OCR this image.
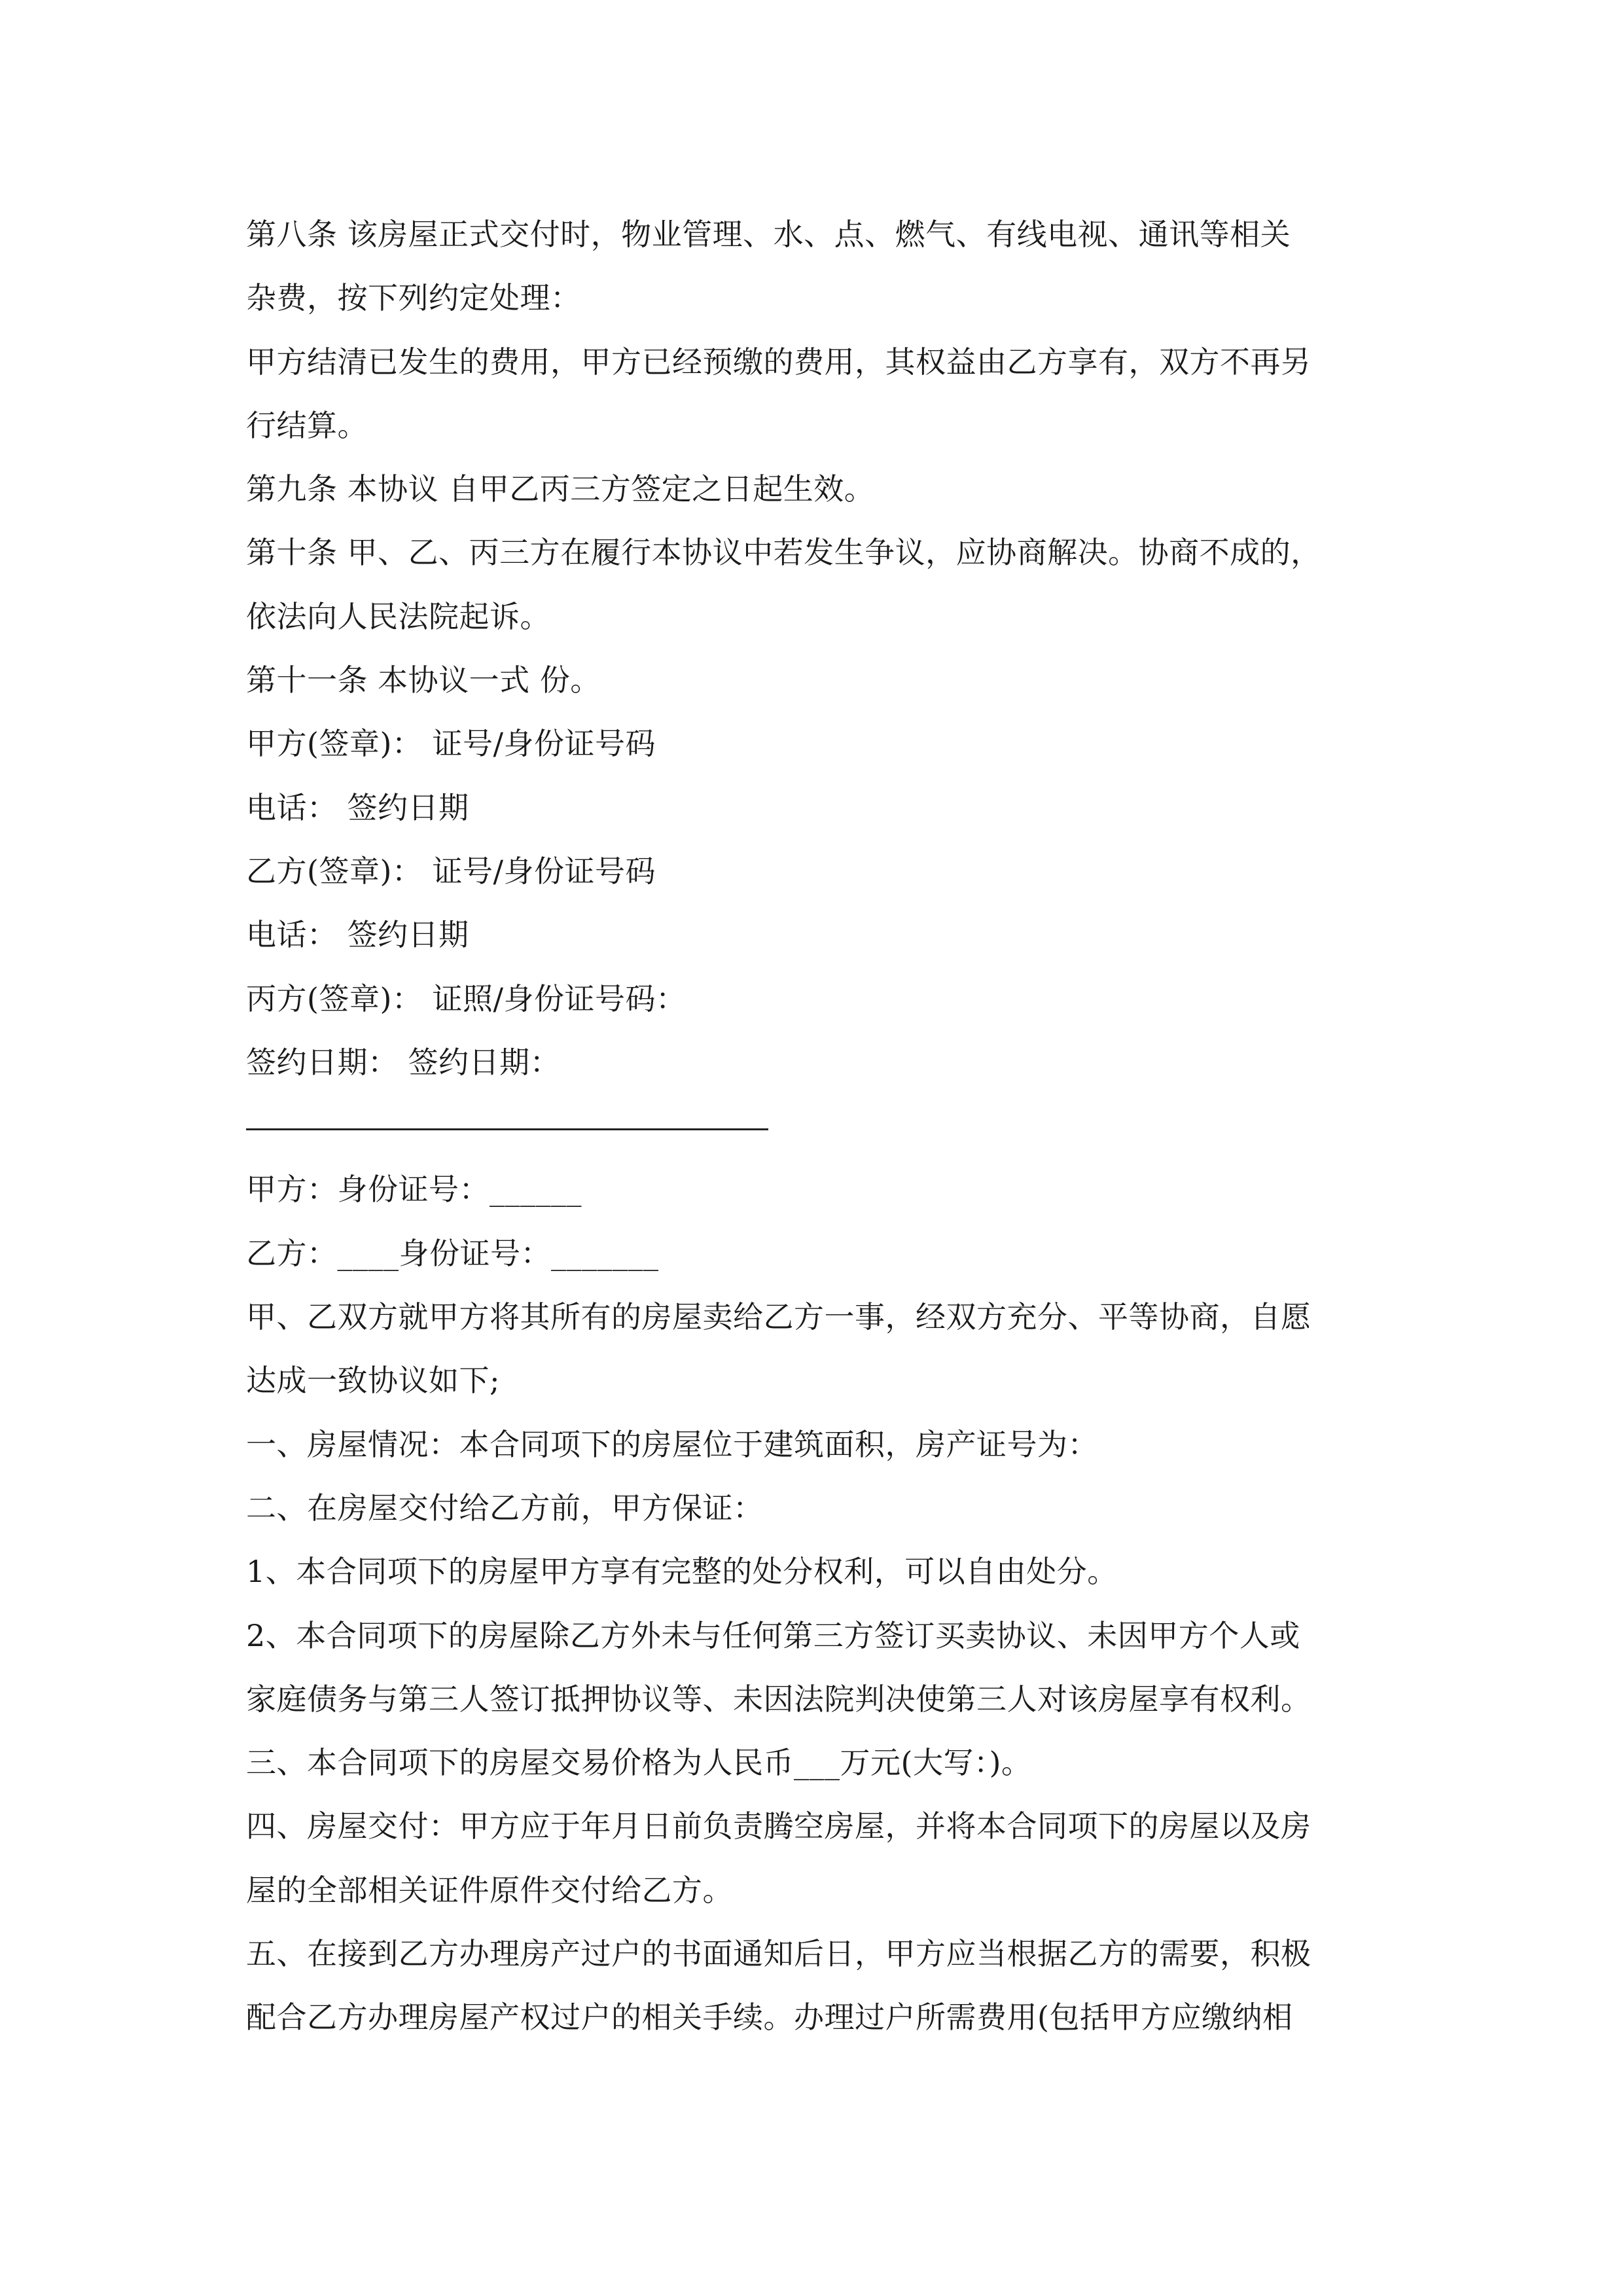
第八条 该房屋正式交付时，物业管理、水、点、燃气、有线电视、通讯等相关
杂费，按下列约定处理：
甲方结清已发生的费用，甲方已经预缴的费用，其权益由乙方享有，双方不再另
行结算。
第九条 本协议 自甲乙丙三方签定之日起生效。
第十条 甲、乙、丙三方在履行本协议中若发生争议，应协商解决。协商不成的，
依法向人民法院起诉。
第十一条 本协议一式 份。
甲方(签章)： 证号/身份证号码
电话： 签约日期
乙方(签章)： 证号/身份证号码
电话： 签约日期
丙方(签章)： 证照/身份证号码：
签约日期： 签约日期：
甲方：身份证号：______
乙方：____身份证号：_______
甲、乙双方就甲方将其所有的房屋卖给乙方一事，经双方充分、平等协商，自愿
达成一致协议如下;
一、房屋情况：本合同项下的房屋位于建筑面积，房产证号为：
二、在房屋交付给乙方前，甲方保证：
1、本合同项下的房屋甲方享有完整的处分权利，可以自由处分。
2、本合同项下的房屋除乙方外未与任何第三方签订买卖协议、未因甲方个人或
家庭债务与第三人签订抵押协议等、未因法院判决使第三人对该房屋享有权利。
三、本合同项下的房屋交易价格为人民币___万元(大写：)。
四、房屋交付：甲方应于年月日前负责腾空房屋，并将本合同项下的房屋以及房
屋的全部相关证件原件交付给乙方。
五、在接到乙方办理房产过户的书面通知后日，甲方应当根据乙方的需要，积极
配合乙方办理房屋产权过户的相关手续。办理过户所需费用(包括甲方应缴纳相
